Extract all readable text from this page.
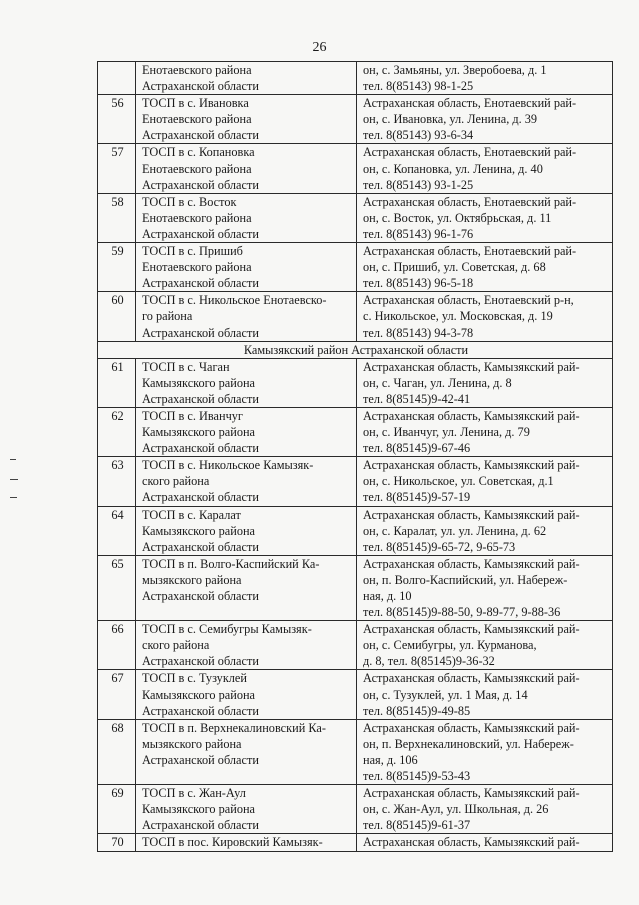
26
	Енотаевского района
Астраханской области	он, с. Замьяны, ул. Зверобоева, д. 1
тел. 8(85143) 98-1-25
56	ТОСП в с. Ивановка
Енотаевского района
Астраханской области	Астраханская область, Енотаевский рай-
он, с. Ивановка, ул. Ленина, д. 39
тел. 8(85143) 93-6-34
57	ТОСП в с. Копановка
Енотаевского района
Астраханской области	Астраханская область, Енотаевский рай-
он, с. Копановка, ул. Ленина, д. 40
тел. 8(85143) 93-1-25
58	ТОСП в с. Восток
Енотаевского района
Астраханской области	Астраханская область, Енотаевский рай-
он, с. Восток, ул. Октябрьская, д. 11
тел. 8(85143) 96-1-76
59	ТОСП в с. Пришиб
Енотаевского района
Астраханской области	Астраханская область, Енотаевский рай-
он, с. Пришиб, ул. Советская, д. 68
тел. 8(85143) 96-5-18
60	ТОСП в с. Никольское Енотаевско-
го района
Астраханской области	Астраханская область, Енотаевский р-н,
с. Никольское, ул. Московская, д. 19
тел. 8(85143) 94-3-78
Камызякский район Астраханской области		
61	ТОСП в с. Чаган
Камызякского района
Астраханской области	Астраханская область, Камызякский рай-
он, с. Чаган, ул. Ленина, д. 8
тел. 8(85145)9-42-41
62	ТОСП в с. Иванчуг
Камызякского района
Астраханской области	Астраханская область, Камызякский рай-
он, с. Иванчуг, ул. Ленина, д. 79
тел. 8(85145)9-67-46
63	ТОСП в с. Никольское Камызяк-
ского района
Астраханской области	Астраханская область, Камызякский рай-
он, с. Никольское, ул. Советская, д.1
тел. 8(85145)9-57-19
64	ТОСП в с. Каралат
Камызякского района
Астраханской области	Астраханская область, Камызякский рай-
он, с. Каралат, ул. ул. Ленина, д. 62
тел. 8(85145)9-65-72, 9-65-73
65	ТОСП в п. Волго-Каспийский Ка-
мызякского района
Астраханской области	Астраханская область, Камызякский рай-
он, п. Волго-Каспийский, ул. Набереж-
ная, д. 10
тел. 8(85145)9-88-50, 9-89-77, 9-88-36
66	ТОСП в с. Семибугры Камызяк-
ского района
Астраханской области	Астраханская область, Камызякский рай-
он, с. Семибугры, ул. Курманова,
д. 8, тел. 8(85145)9-36-32
67	ТОСП в с. Тузуклей
Камызякского района
Астраханской области	Астраханская область, Камызякский рай-
он, с. Тузуклей, ул. 1 Мая, д. 14
тел. 8(85145)9-49-85
68	ТОСП в п. Верхнекалиновский Ка-
мызякского района
Астраханской области	Астраханская область, Камызякский рай-
он, п. Верхнекалиновский, ул. Набереж-
ная, д. 106
тел. 8(85145)9-53-43
69	ТОСП в с. Жан-Аул
Камызякского района
Астраханской области	Астраханская область, Камызякский рай-
он, с. Жан-Аул, ул. Школьная, д. 26
тел. 8(85145)9-61-37
70	ТОСП в пос. Кировский Камызяк-	Астраханская область, Камызякский рай-
